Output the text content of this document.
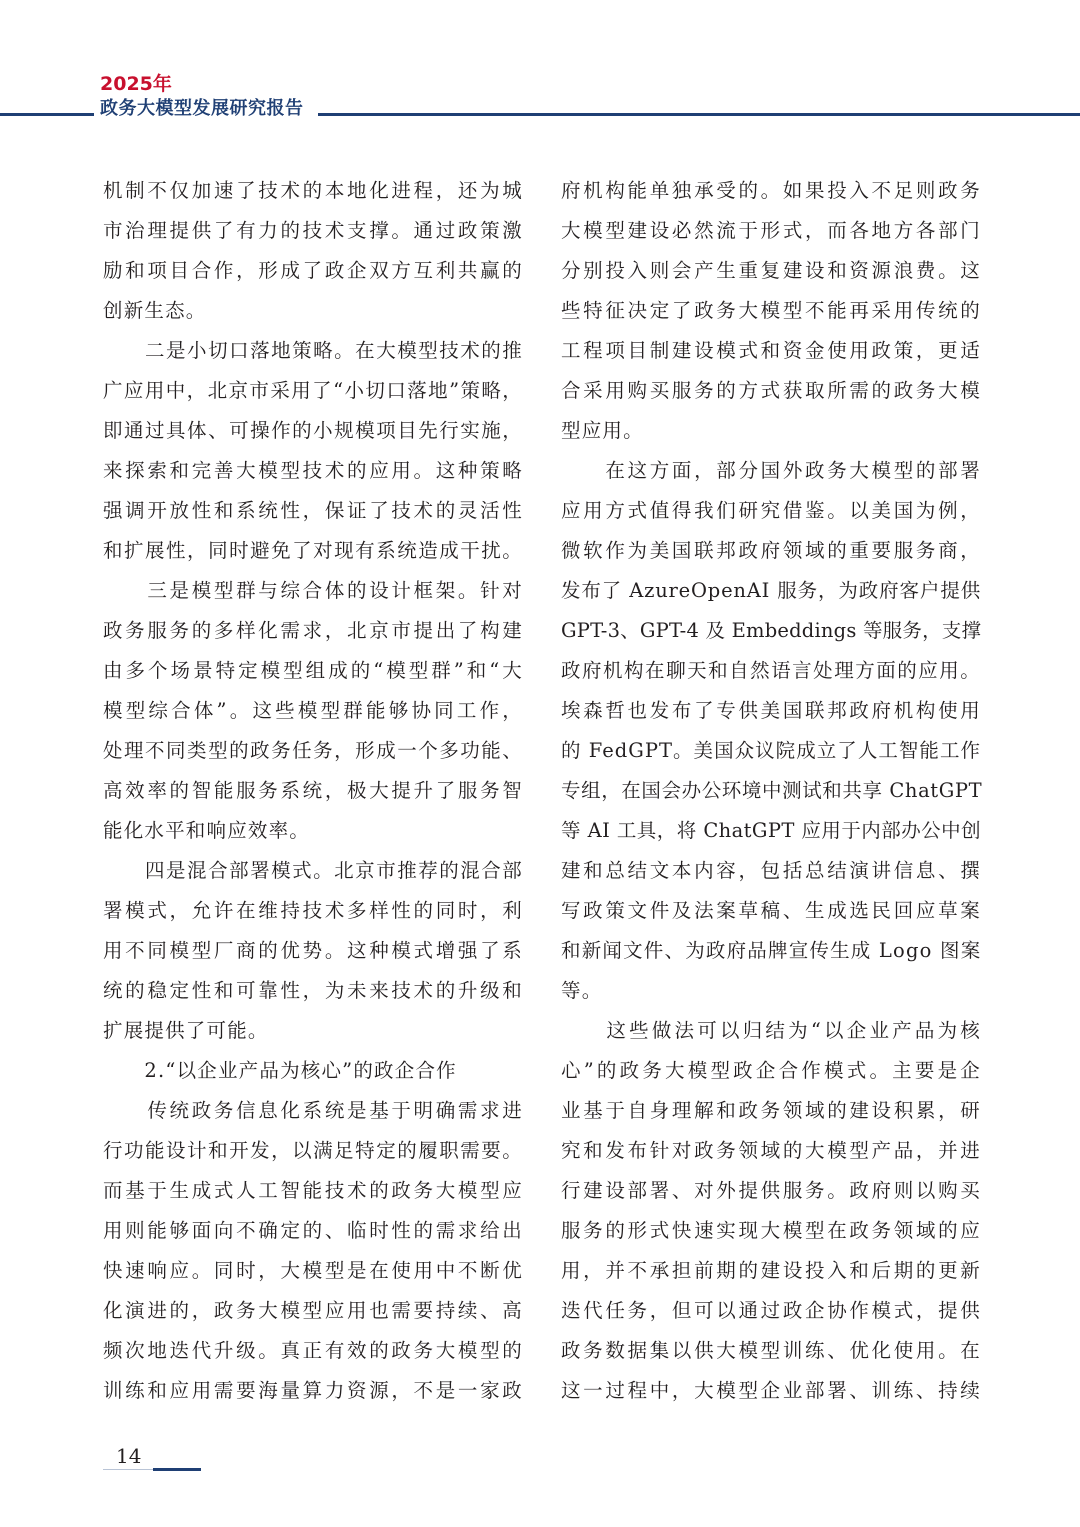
2025年
政务大模型发展研究报告

机制不仅加速了技术的本地化进程，还为城

市治理提供了有力的技术支撑。通过政策激

励和项目合作，形成了政企双方互利共赢的

创新生态。

　　二是小切口落地策略。在大模型技术的推

广应用中，北京市采用了“小切口落地”策略，

即通过具体、可操作的小规模项目先行实施，

来探索和完善大模型技术的应用。这种策略

强调开放性和系统性，保证了技术的灵活性

和扩展性，同时避免了对现有系统造成干扰。

　　三是模型群与综合体的设计框架。针对

政务服务的多样化需求，北京市提出了构建

由多个场景特定模型组成的“模型群”和“大

模型综合体”。这些模型群能够协同工作，

处理不同类型的政务任务，形成一个多功能、

高效率的智能服务系统，极大提升了服务智

能化水平和响应效率。

　　四是混合部署模式。北京市推荐的混合部

署模式，允许在维持技术多样性的同时，利

用不同模型厂商的优势。这种模式增强了系

统的稳定性和可靠性，为未来技术的升级和

扩展提供了可能。

　　2.“以企业产品为核心”的政企合作

　　传统政务信息化系统是基于明确需求进

行功能设计和开发，以满足特定的履职需要。

而基于生成式人工智能技术的政务大模型应

用则能够面向不确定的、临时性的需求给出

快速响应。同时，大模型是在使用中不断优

化演进的，政务大模型应用也需要持续、高

频次地迭代升级。真正有效的政务大模型的

训练和应用需要海量算力资源，不是一家政

府机构能单独承受的。如果投入不足则政务

大模型建设必然流于形式，而各地方各部门

分别投入则会产生重复建设和资源浪费。这

些特征决定了政务大模型不能再采用传统的

工程项目制建设模式和资金使用政策，更适

合采用购买服务的方式获取所需的政务大模

型应用。

　　在这方面，部分国外政务大模型的部署

应用方式值得我们研究借鉴。以美国为例，

微软作为美国联邦政府领域的重要服务商，

发布了 AzureOpenAI 服务，为政府客户提供

GPT-3、GPT-4 及 Embeddings 等服务，支撑

政府机构在聊天和自然语言处理方面的应用。

埃森哲也发布了专供美国联邦政府机构使用

的 FedGPT。美国众议院成立了人工智能工作

专组，在国会办公环境中测试和共享 ChatGPT

等 AI 工具，将 ChatGPT 应用于内部办公中创

建和总结文本内容，包括总结演讲信息、撰

写政策文件及法案草稿、生成选民回应草案

和新闻文件、为政府品牌宣传生成 Logo 图案

等。

　　这些做法可以归结为“以企业产品为核

心”的政务大模型政企合作模式。主要是企

业基于自身理解和政务领域的建设积累，研

究和发布针对政务领域的大模型产品，并进

行建设部署、对外提供服务。政府则以购买

服务的形式快速实现大模型在政务领域的应

用，并不承担前期的建设投入和后期的更新

迭代任务，但可以通过政企协作模式，提供

政务数据集以供大模型训练、优化使用。在

这一过程中，大模型企业部署、训练、持续

14
